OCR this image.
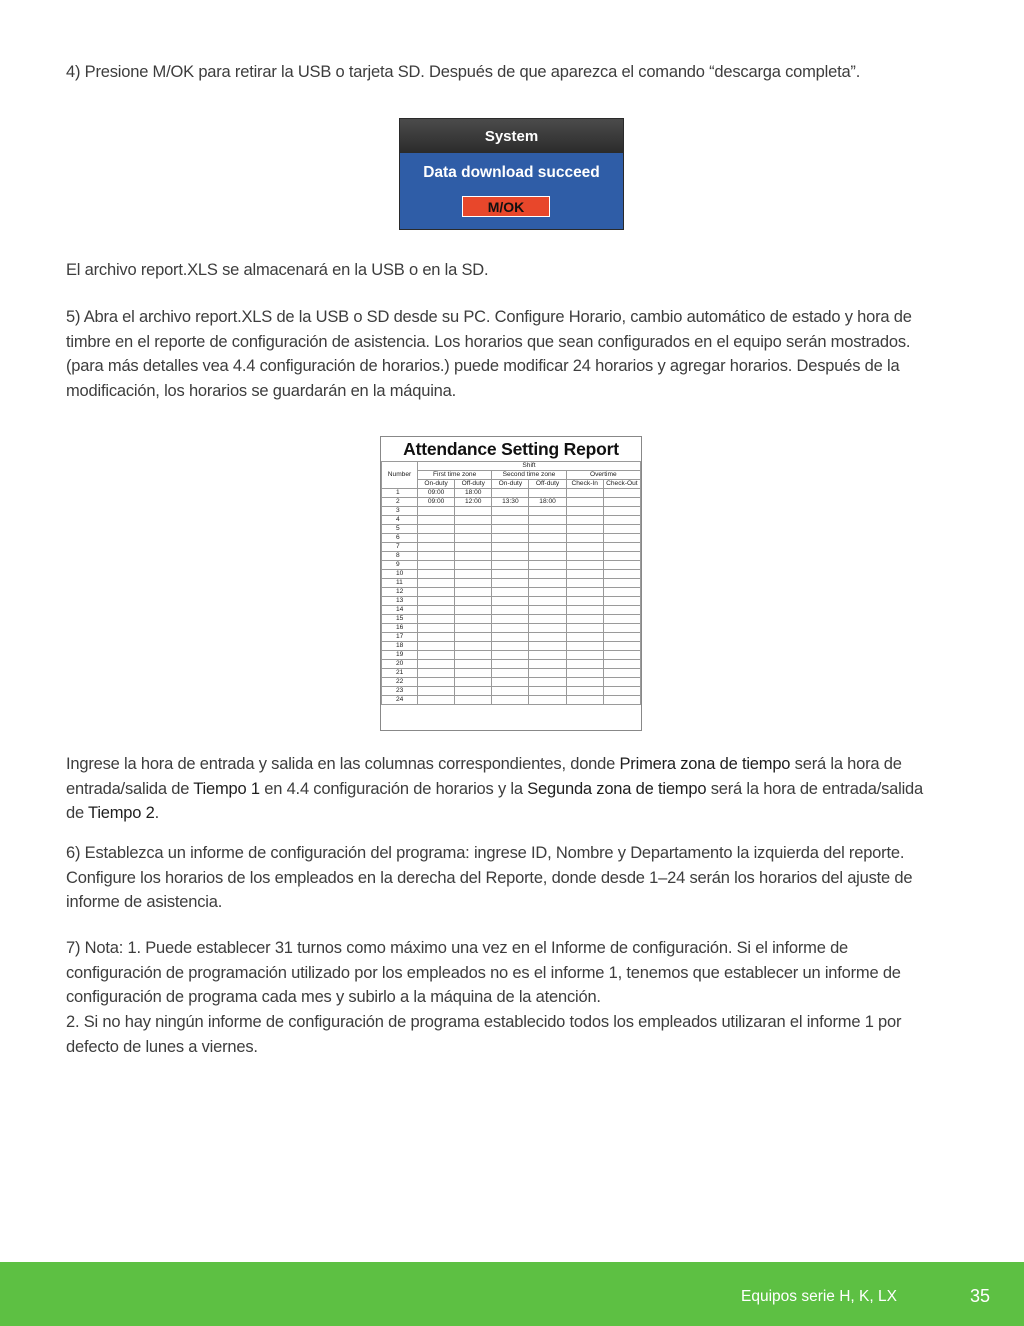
4) Presione M/OK para retirar la USB o tarjeta SD. Después de que aparezca el comando “descarga completa”.
System
Data download succeed
M/OK
El archivo report.XLS se almacenará en la USB o en la SD.
5) Abra el archivo report.XLS de la USB o SD desde su PC. Configure Horario, cambio automático de estado y hora de timbre en el reporte de configuración de asistencia. Los horarios que sean configurados en el equipo serán mostrados. (para más detalles vea 4.4 configuración de horarios.) puede modificar 24 horarios y agregar horarios. Después de la modificación, los horarios se guardarán en la máquina.
Attendance Setting Report
Number	Shift					
	First time zone		Second time zone		Overtime	
	On-duty	Off-duty	On-duty	Off-duty	Check-In	Check-Out
1	09:00	18:00				
2	09:00	12:00	13:30	18:00		
3						
4						
5						
6						
7						
8						
9						
10						
11						
12						
13						
14						
15						
16						
17						
18						
19						
20						
21						
22						
23						
24						
Ingrese la hora de entrada y salida en las columnas correspondientes, donde Primera zona de tiempo será la hora de entrada/salida de Tiempo 1 en 4.4 configuración de horarios y la Segunda zona de tiempo será la hora de entrada/salida de Tiempo 2.
6) Establezca un informe de configuración del programa: ingrese ID, Nombre y Departamento la izquierda del reporte. Configure los horarios de los empleados en la derecha del Reporte, donde desde 1–24 serán los horarios del ajuste de informe de asistencia.
7) Nota: 1. Puede establecer 31 turnos como máximo una vez en el Informe de configuración. Si el informe de configuración de programación utilizado por los empleados no es el informe 1, tenemos que establecer un informe de configuración de programa cada mes y subirlo a la máquina de la atención.
2. Si no hay ningún informe de configuración de programa establecido todos los empleados utilizaran el informe 1 por defecto de lunes a viernes.
Equipos serie H, K, LX	35
